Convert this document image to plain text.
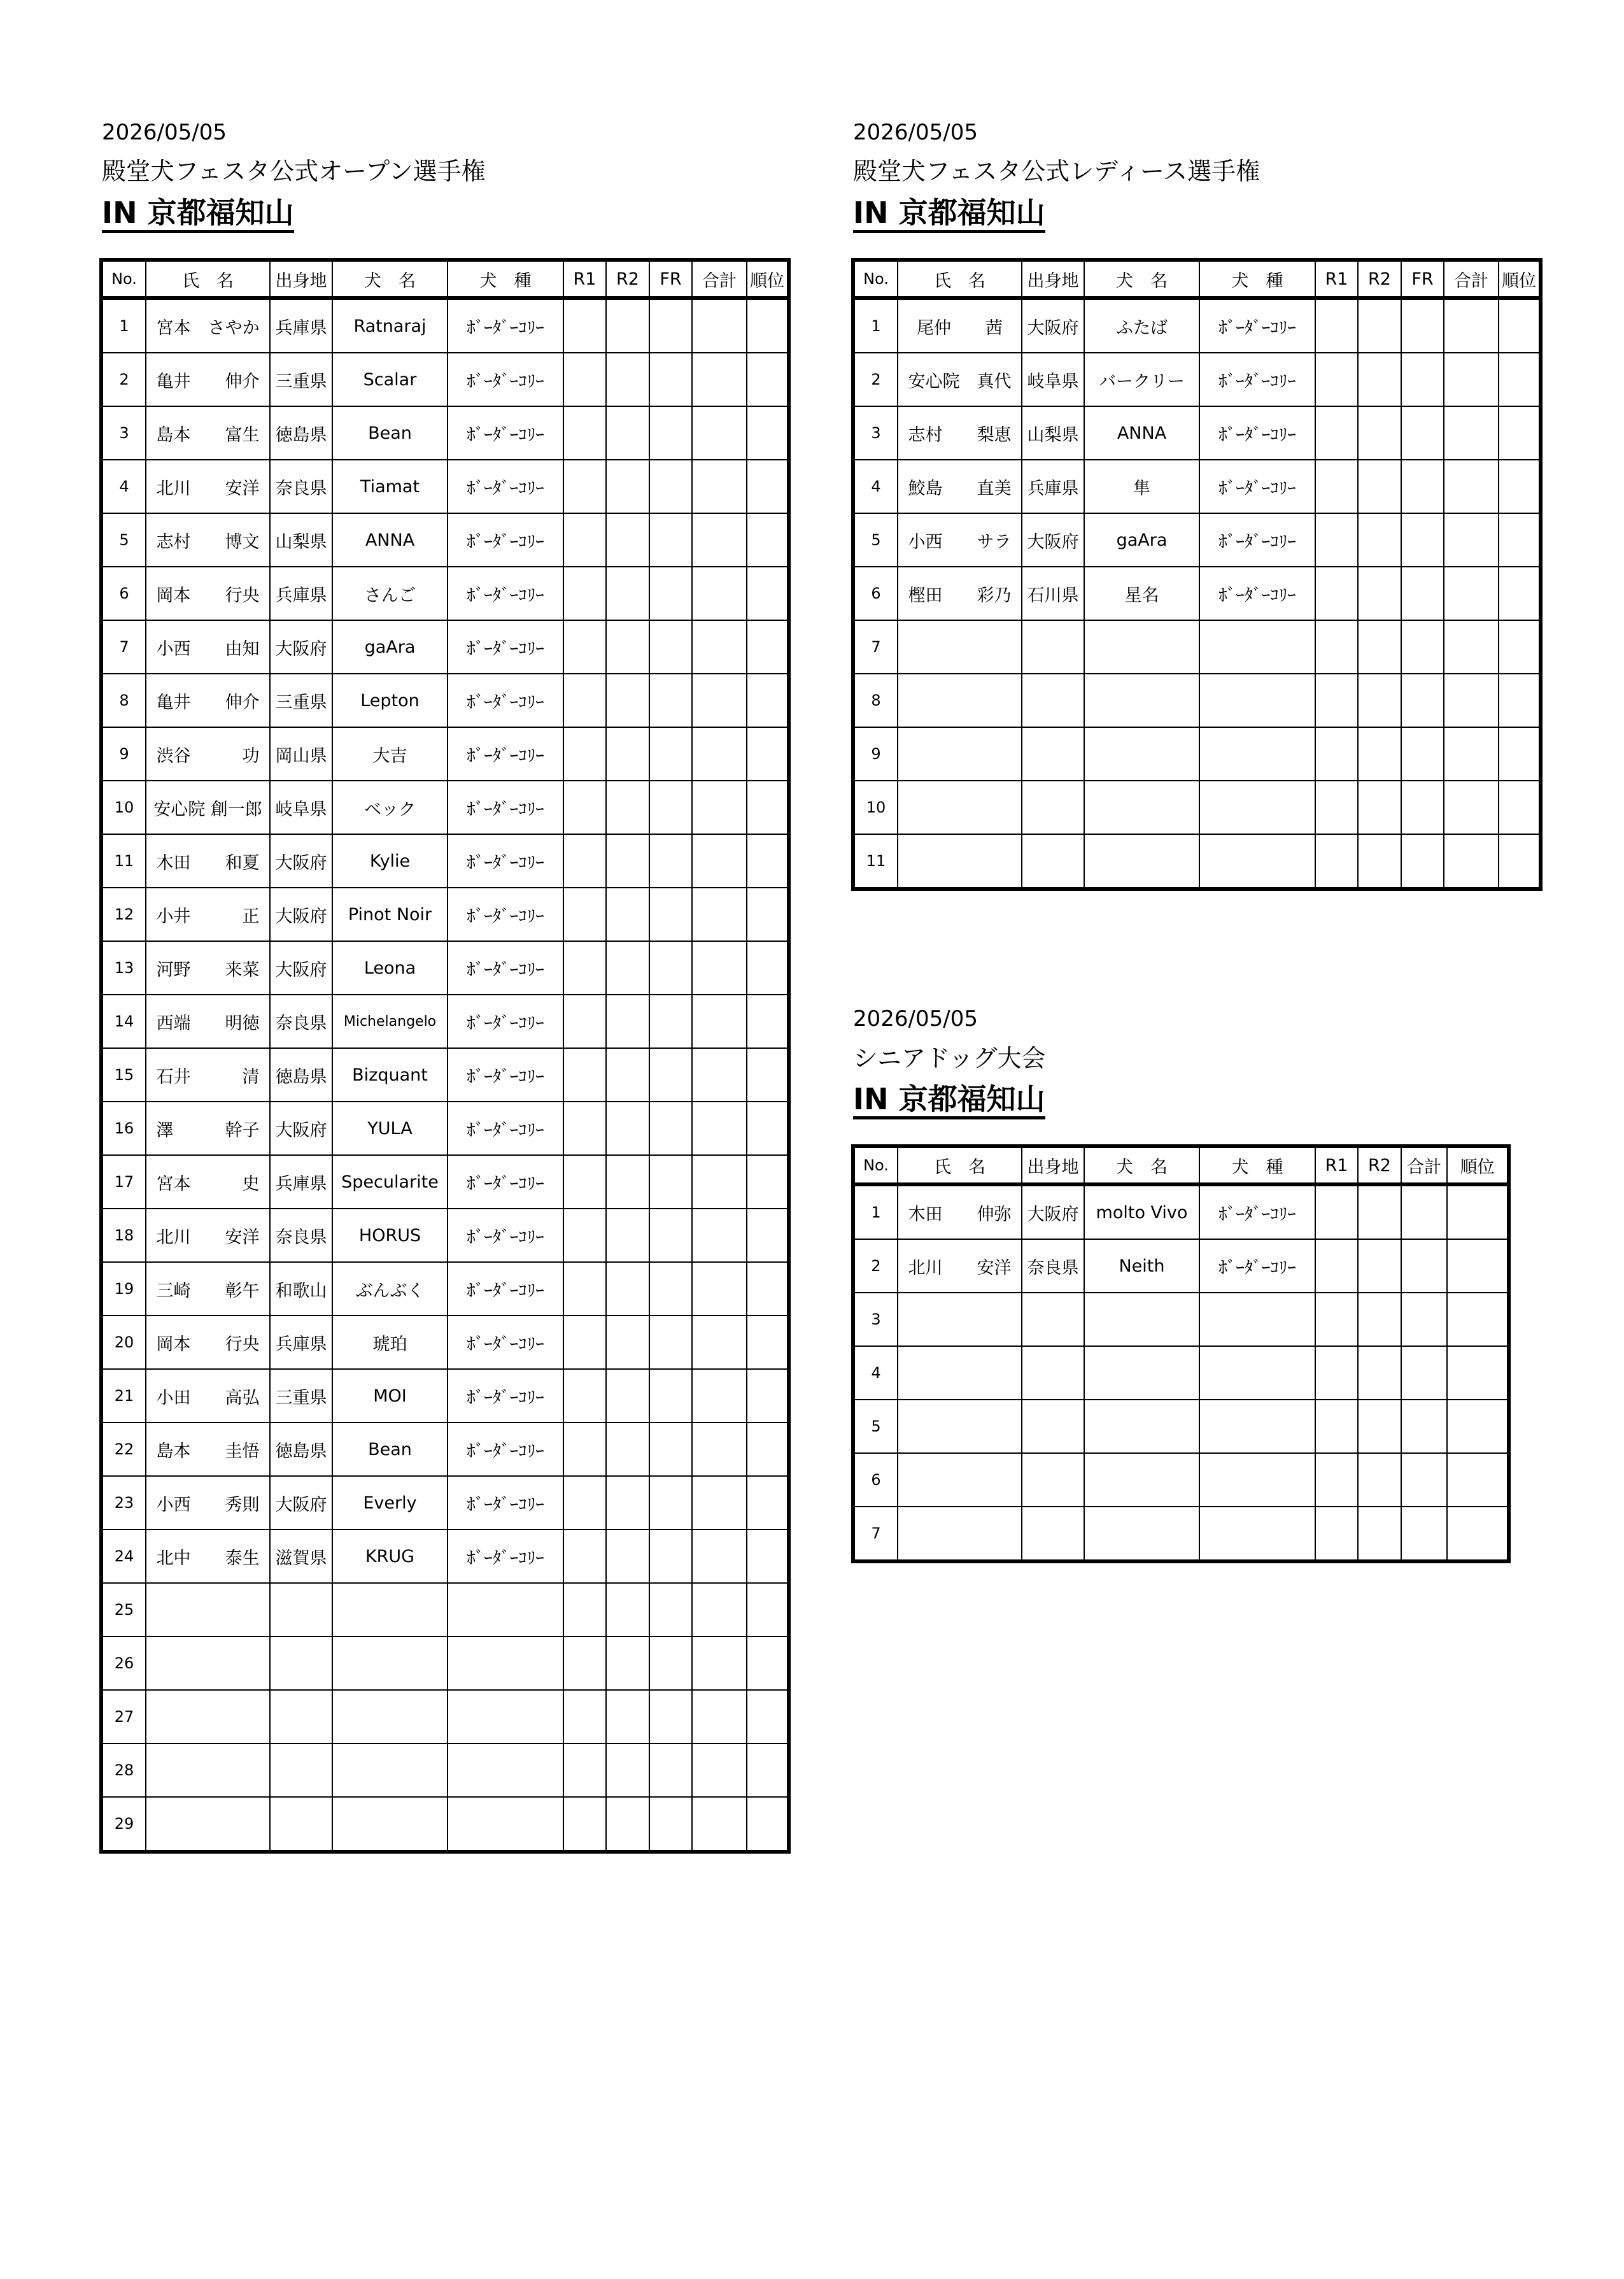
2026/05/05
殿堂犬フェスタ公式オープン選手権
IN 京都福知山
No.	氏　名	出身地	犬　名	犬　種	R1	R2	FR	合計	順位
1	宮本　さやか	兵庫県	Ratnaraj	ﾎﾞｰﾀﾞｰｺﾘｰ					
2	亀井　　伸介	三重県	Scalar	ﾎﾞｰﾀﾞｰｺﾘｰ					
3	島本　　富生	徳島県	Bean	ﾎﾞｰﾀﾞｰｺﾘｰ					
4	北川　　安洋	奈良県	Tiamat	ﾎﾞｰﾀﾞｰｺﾘｰ					
5	志村　　博文	山梨県	ANNA	ﾎﾞｰﾀﾞｰｺﾘｰ					
6	岡本　　行央	兵庫県	さんご	ﾎﾞｰﾀﾞｰｺﾘｰ					
7	小西　　由知	大阪府	gaAra	ﾎﾞｰﾀﾞｰｺﾘｰ					
8	亀井　　伸介	三重県	Lepton	ﾎﾞｰﾀﾞｰｺﾘｰ					
9	渋谷　　　功	岡山県	大吉	ﾎﾞｰﾀﾞｰｺﾘｰ					
10	安心院 創一郎	岐阜県	ベック	ﾎﾞｰﾀﾞｰｺﾘｰ					
11	木田　　和夏	大阪府	Kylie	ﾎﾞｰﾀﾞｰｺﾘｰ					
12	小井　　　正	大阪府	Pinot Noir	ﾎﾞｰﾀﾞｰｺﾘｰ					
13	河野　　来菜	大阪府	Leona	ﾎﾞｰﾀﾞｰｺﾘｰ					
14	西端　　明徳	奈良県	Michelangelo	ﾎﾞｰﾀﾞｰｺﾘｰ					
15	石井　　　清	徳島県	Bizquant	ﾎﾞｰﾀﾞｰｺﾘｰ					
16	澤　　　幹子	大阪府	YULA	ﾎﾞｰﾀﾞｰｺﾘｰ					
17	宮本　　　史	兵庫県	Specularite	ﾎﾞｰﾀﾞｰｺﾘｰ					
18	北川　　安洋	奈良県	HORUS	ﾎﾞｰﾀﾞｰｺﾘｰ					
19	三崎　　彰午	和歌山	ぶんぶく	ﾎﾞｰﾀﾞｰｺﾘｰ					
20	岡本　　行央	兵庫県	琥珀	ﾎﾞｰﾀﾞｰｺﾘｰ					
21	小田　　高弘	三重県	MOI	ﾎﾞｰﾀﾞｰｺﾘｰ					
22	島本　　圭悟	徳島県	Bean	ﾎﾞｰﾀﾞｰｺﾘｰ					
23	小西　　秀則	大阪府	Everly	ﾎﾞｰﾀﾞｰｺﾘｰ					
24	北中　　泰生	滋賀県	KRUG	ﾎﾞｰﾀﾞｰｺﾘｰ					
25									
26									
27									
28									
29									
2026/05/05
殿堂犬フェスタ公式レディース選手権
IN 京都福知山
No.	氏　名	出身地	犬　名	犬　種	R1	R2	FR	合計	順位
1	尾仲　　茜	大阪府	ふたば	ﾎﾞｰﾀﾞｰｺﾘｰ					
2	安心院　真代	岐阜県	バークリー	ﾎﾞｰﾀﾞｰｺﾘｰ					
3	志村　　梨恵	山梨県	ANNA	ﾎﾞｰﾀﾞｰｺﾘｰ					
4	鮫島　　直美	兵庫県	隼	ﾎﾞｰﾀﾞｰｺﾘｰ					
5	小西　　サラ	大阪府	gaAra	ﾎﾞｰﾀﾞｰｺﾘｰ					
6	樫田　　彩乃	石川県	星名	ﾎﾞｰﾀﾞｰｺﾘｰ					
7									
8									
9									
10									
11									
2026/05/05
シニアドッグ大会
IN 京都福知山
No.	氏　名	出身地	犬　名	犬　種	R1	R2	合計	順位
1	木田　　伸弥	大阪府	molto Vivo	ﾎﾞｰﾀﾞｰｺﾘｰ				
2	北川　　安洋	奈良県	Neith	ﾎﾞｰﾀﾞｰｺﾘｰ				
3								
4								
5								
6								
7								
